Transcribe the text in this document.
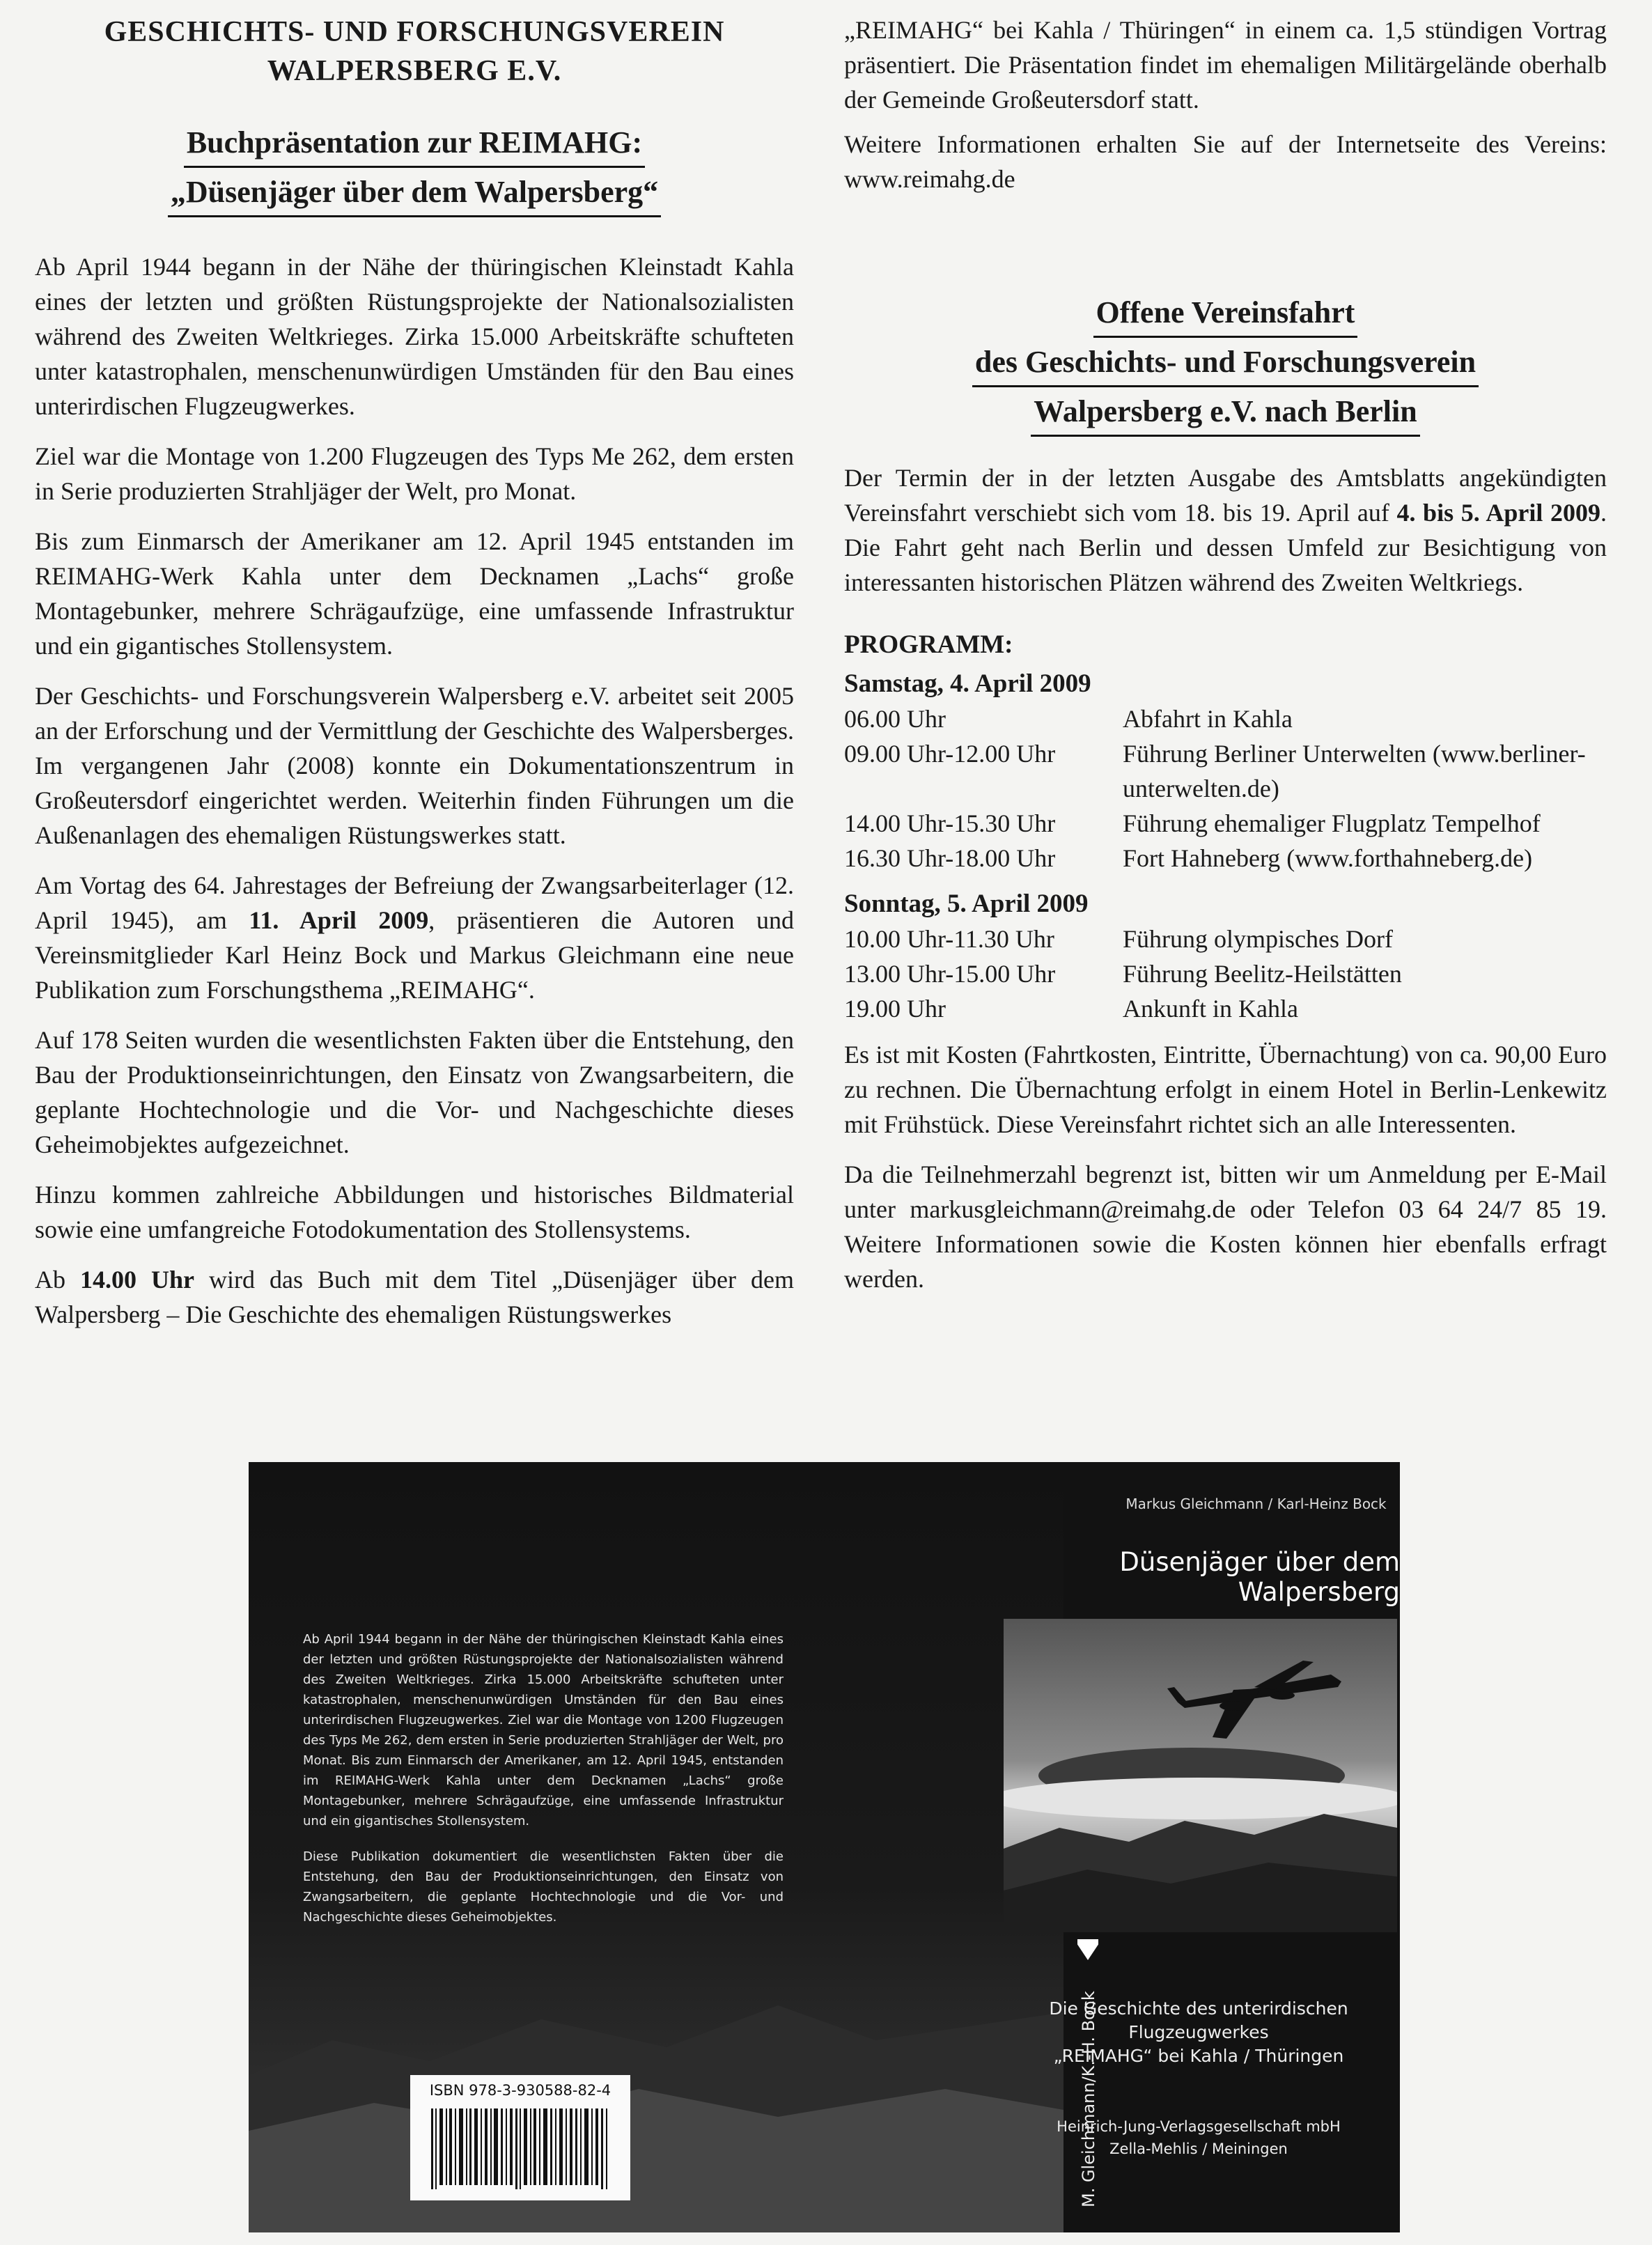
GESCHICHTS- UND FORSCHUNGSVEREIN

WALPERSBERG E.V.

Buchpräsentation zur REIMAHG:
„Düsenjäger über dem Walpersberg“

Ab April 1944 begann in der Nähe der thüringischen Kleinstadt Kahla eines der letzten und größten Rüstungsprojekte der Nationalsozialisten während des Zweiten Weltkrieges. Zirka 15.000 Arbeitskräfte schufteten unter katastrophalen, menschenunwürdigen Umständen für den Bau eines unterirdischen Flugzeugwerkes.

Ziel war die Montage von 1.200 Flugzeugen des Typs Me 262, dem ersten in Serie produzierten Strahljäger der Welt, pro Monat.

Bis zum Einmarsch der Amerikaner am 12. April 1945 entstanden im REIMAHG-Werk Kahla unter dem Decknamen „Lachs“ große Montagebunker, mehrere Schrägaufzüge, eine umfassende Infrastruktur und ein gigantisches Stollensystem.

Der Geschichts- und Forschungsverein Walpersberg e.V. arbeitet seit 2005 an der Erforschung und der Vermittlung der Geschichte des Walpersberges. Im vergangenen Jahr (2008) konnte ein Dokumentationszentrum in Großeutersdorf eingerichtet werden. Weiterhin finden Führungen um die Außenanlagen des ehemaligen Rüstungswerkes statt.

Am Vortag des 64. Jahrestages der Befreiung der Zwangsarbeiterlager (12. April 1945), am 11. April 2009, präsentieren die Autoren und Vereinsmitglieder Karl Heinz Bock und Markus Gleichmann eine neue Publikation zum Forschungsthema „REIMAHG“.

Auf 178 Seiten wurden die wesentlichsten Fakten über die Entstehung, den Bau der Produktionseinrichtungen, den Einsatz von Zwangsarbeitern, die geplante Hochtechnologie und die Vor- und Nachgeschichte dieses Geheimobjektes aufgezeichnet.

Hinzu kommen zahlreiche Abbildungen und historisches Bildmaterial sowie eine umfangreiche Fotodokumentation des Stollensystems.

Ab 14.00 Uhr wird das Buch mit dem Titel „Düsenjäger über dem Walpersberg – Die Geschichte des ehemaligen Rüstungswerkes

„REIMAHG“ bei Kahla / Thüringen“ in einem ca. 1,5 stündigen Vortrag präsentiert. Die Präsentation findet im ehemaligen Militärgelände oberhalb der Gemeinde Großeutersdorf statt.

Weitere Informationen erhalten Sie auf der Internetseite des Vereins: www.reimahg.de

Offene Vereinsfahrt
des Geschichts- und Forschungsverein
Walpersberg e.V. nach Berlin

Der Termin der in der letzten Ausgabe des Amtsblatts angekündigten Vereinsfahrt verschiebt sich vom 18. bis 19. April auf 4. bis 5. April 2009. Die Fahrt geht nach Berlin und dessen Umfeld zur Besichtigung von interessanten historischen Plätzen während des Zweiten Weltkriegs.

PROGRAMM:
Samstag, 4. April 2009
06.00 Uhr	Abfahrt in Kahla
09.00 Uhr-12.00 Uhr	Führung Berliner Unterwelten (www.berliner-unterwelten.de)
14.00 Uhr-15.30 Uhr	Führung ehemaliger Flugplatz Tempelhof
16.30 Uhr-18.00 Uhr	Fort Hahneberg (www.forthahneberg.de)
Sonntag, 5. April 2009
10.00 Uhr-11.30 Uhr	Führung olympisches Dorf
13.00 Uhr-15.00 Uhr	Führung Beelitz-Heilstätten
19.00 Uhr	Ankunft in Kahla

Es ist mit Kosten (Fahrtkosten, Eintritte, Übernachtung) von ca. 90,00 Euro zu rechnen. Die Übernachtung erfolgt in einem Hotel in Berlin-Lenkewitz mit Frühstück. Diese Vereinsfahrt richtet sich an alle Interessenten.

Da die Teilnehmerzahl begrenzt ist, bitten wir um Anmeldung per E-Mail unter markusgleichmann@reimahg.de oder Telefon 03 64 24/7 85 19. Weitere Informationen sowie die Kosten können hier ebenfalls erfragt werden.

Ab April 1944 begann in der Nähe der thüringischen Kleinstadt Kahla eines der letzten und größten Rüstungsprojekte der Nationalsozialisten während des Zweiten Weltkrieges. Zirka 15.000 Arbeitskräfte schufteten unter katastrophalen, menschenunwürdigen Umständen für den Bau eines unterirdischen Flugzeugwerkes. Ziel war die Montage von 1200 Flugzeugen des Typs Me 262, dem ersten in Serie produzierten Strahljäger der Welt, pro Monat. Bis zum Einmarsch der Amerikaner, am 12. April 1945, entstanden im REIMAHG-Werk Kahla unter dem Decknamen „Lachs“ große Montagebunker, mehrere Schrägaufzüge, eine umfassende Infrastruktur und ein gigantisches Stollensystem.

Diese Publikation dokumentiert die wesentlichsten Fakten über die Entstehung, den Bau der Produktionseinrichtungen, den Einsatz von Zwangsarbeitern, die geplante Hochtechnologie und die Vor- und Nachgeschichte dieses Geheimobjektes.

ISBN 978-3-930588-82-4	M. Gleichmann/K.-H. Bock
Markus Gleichmann / Karl-Heinz Bock
Düsenjäger über dem Walpersberg
Die Geschichte des unterirdischen Flugzeugwerkes
„REIMAHG“ bei Kahla / Thüringen
Heinrich-Jung-Verlagsgesellschaft mbH
Zella-Mehlis / Meiningen
